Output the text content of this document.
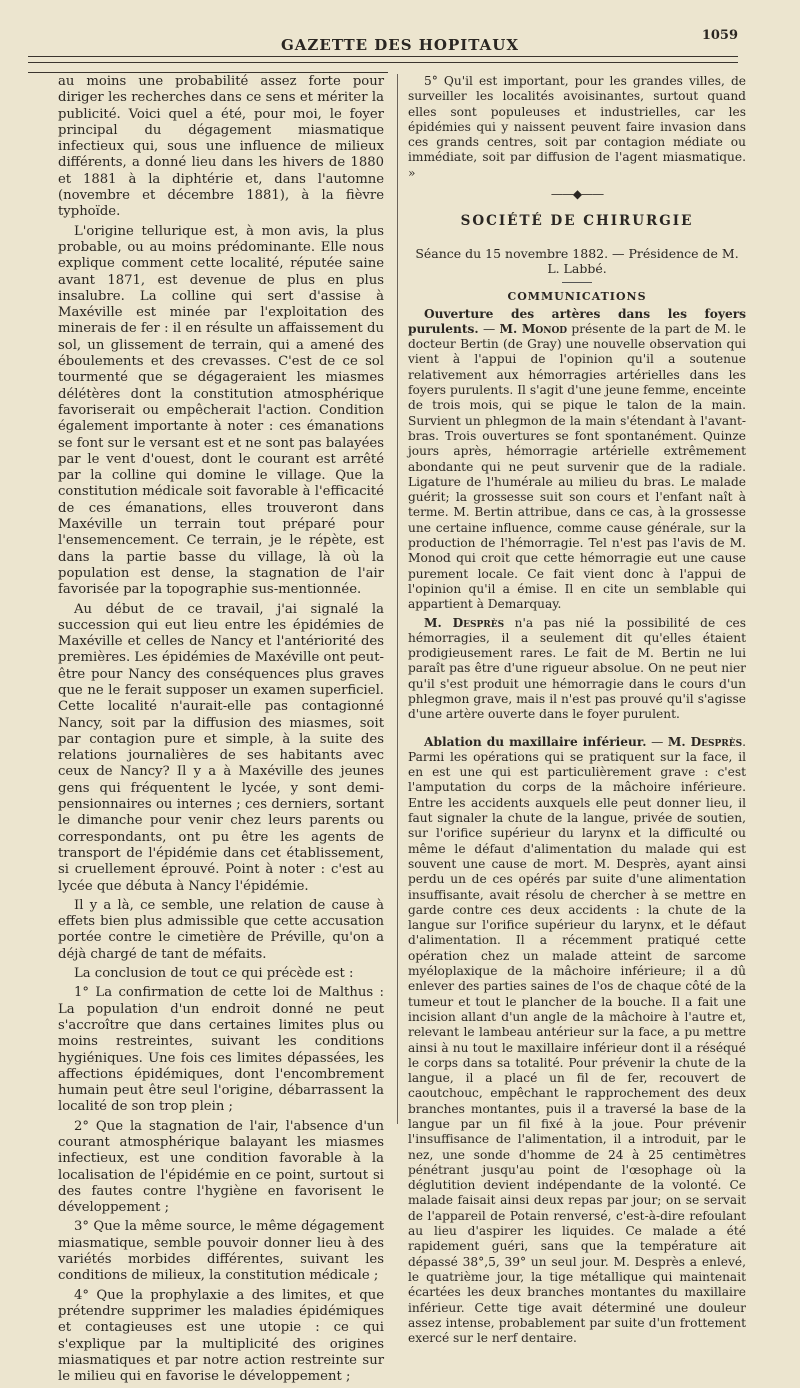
GAZETTE DES HOPITAUX
1059

au moins une probabilité assez forte pour diriger les recherches dans ce sens et mériter la publicité. Voici quel a été, pour moi, le foyer principal du dégagement miasmatique infectieux qui, sous une influence de milieux différents, a donné lieu dans les hivers de 1880 et 1881 à la diphtérie et, dans l'automne (novembre et décembre 1881), à la fièvre typhoïde.

L'origine tellurique est, à mon avis, la plus probable, ou au moins prédominante. Elle nous explique comment cette localité, réputée saine avant 1871, est devenue de plus en plus insalubre. La colline qui sert d'assise à Maxéville est minée par l'exploitation des minerais de fer : il en résulte un affaissement du sol, un glissement de terrain, qui a amené des éboulements et des crevasses. C'est de ce sol tourmenté que se dégageraient les miasmes délétères dont la constitution atmosphérique favoriserait ou empêcherait l'action. Condition également importante à noter : ces émanations se font sur le versant est et ne sont pas balayées par le vent d'ouest, dont le courant est arrêté par la colline qui domine le village. Que la constitution médicale soit favorable à l'efficacité de ces émanations, elles trouveront dans Maxéville un terrain tout préparé pour l'ensemencement. Ce terrain, je le répète, est dans la partie basse du village, là où la population est dense, la stagnation de l'air favorisée par la topographie sus-mentionnée.

Au début de ce travail, j'ai signalé la succession qui eut lieu entre les épidémies de Maxéville et celles de Nancy et l'antériorité des premières. Les épidémies de Maxéville ont peut-être pour Nancy des conséquences plus graves que ne le ferait supposer un examen superficiel. Cette localité n'aurait-elle pas contagionné Nancy, soit par la diffusion des miasmes, soit par contagion pure et simple, à la suite des relations journalières de ses habitants avec ceux de Nancy? Il y a à Maxéville des jeunes gens qui fréquentent le lycée, y sont demi-pensionnaires ou internes ; ces derniers, sortant le dimanche pour venir chez leurs parents ou correspondants, ont pu être les agents de transport de l'épidémie dans cet établissement, si cruellement éprouvé. Point à noter : c'est au lycée que débuta à Nancy l'épidémie.

Il y a là, ce semble, une relation de cause à effets bien plus admissible que cette accusation portée contre le cimetière de Préville, qu'on a déjà chargé de tant de méfaits.

La conclusion de tout ce qui précède est :

1° La confirmation de cette loi de Malthus : La population d'un endroit donné ne peut s'accroître que dans certaines limites plus ou moins restreintes, suivant les conditions hygiéniques. Une fois ces limites dépassées, les affections épidémiques, dont l'encombrement humain peut être seul l'origine, débarrassent la localité de son trop plein ;

2° Que la stagnation de l'air, l'absence d'un courant atmosphérique balayant les miasmes infectieux, est une condition favorable à la localisation de l'épidémie en ce point, surtout si des fautes contre l'hygiène en favorisent le développement ;

3° Que la même source, le même dégagement miasmatique, semble pouvoir donner lieu à des variétés morbides différentes, suivant les conditions de milieux, la constitution médicale ;

4° Que la prophylaxie a des limites, et que prétendre supprimer les maladies épidémiques et contagieuses est une utopie : ce qui s'explique par la multiplicité des origines miasmatiques et par notre action restreinte sur le milieu qui en favorise le développement ;

5° Qu'il est important, pour les grandes villes, de surveiller les localités avoisinantes, surtout quand elles sont populeuses et industrielles, car les épidémies qui y naissent peuvent faire invasion dans ces grands centres, soit par contagion médiate ou immédiate, soit par diffusion de l'agent miasmatique. »

——◆——
SOCIÉTÉ DE CHIRURGIE
Séance du 15 novembre 1882. — Présidence de M. L. Labbé.
COMMUNICATIONS

Ouverture des artères dans les foyers purulents. — M. Monod présente de la part de M. le docteur Bertin (de Gray) une nouvelle observation qui vient à l'appui de l'opinion qu'il a soutenue relativement aux hémorragies artérielles dans les foyers purulents. Il s'agit d'une jeune femme, enceinte de trois mois, qui se pique le talon de la main. Survient un phlegmon de la main s'étendant à l'avant-bras. Trois ouvertures se font spontanément. Quinze jours après, hémorragie artérielle extrêmement abondante qui ne peut survenir que de la radiale. Ligature de l'humérale au milieu du bras. Le malade guérit; la grossesse suit son cours et l'enfant naît à terme. M. Bertin attribue, dans ce cas, à la grossesse une certaine influence, comme cause générale, sur la production de l'hémorragie. Tel n'est pas l'avis de M. Monod qui croit que cette hémorragie eut une cause purement locale. Ce fait vient donc à l'appui de l'opinion qu'il a émise. Il en cite un semblable qui appartient à Demarquay.

M. Desprès n'a pas nié la possibilité de ces hémorragies, il a seulement dit qu'elles étaient prodigieusement rares. Le fait de M. Bertin ne lui paraît pas être d'une rigueur absolue. On ne peut nier qu'il s'est produit une hémorragie dans le cours d'un phlegmon grave, mais il n'est pas prouvé qu'il s'agisse d'une artère ouverte dans le foyer purulent.

Ablation du maxillaire inférieur. — M. Desprès. Parmi les opérations qui se pratiquent sur la face, il en est une qui est particulièrement grave : c'est l'amputation du corps de la mâchoire inférieure. Entre les accidents auxquels elle peut donner lieu, il faut signaler la chute de la langue, privée de soutien, sur l'orifice supérieur du larynx et la difficulté ou même le défaut d'alimentation du malade qui est souvent une cause de mort. M. Desprès, ayant ainsi perdu un de ces opérés par suite d'une alimentation insuffisante, avait résolu de chercher à se mettre en garde contre ces deux accidents : la chute de la langue sur l'orifice supérieur du larynx, et le défaut d'alimentation. Il a récemment pratiqué cette opération chez un malade atteint de sarcome myéloplaxique de la mâchoire inférieure; il a dû enlever des parties saines de l'os de chaque côté de la tumeur et tout le plancher de la bouche. Il a fait une incision allant d'un angle de la mâchoire à l'autre et, relevant le lambeau antérieur sur la face, a pu mettre ainsi à nu tout le maxillaire inférieur dont il a réséqué le corps dans sa totalité. Pour prévenir la chute de la langue, il a placé un fil de fer, recouvert de caoutchouc, empêchant le rapprochement des deux branches montantes, puis il a traversé la base de la langue par un fil fixé à la joue. Pour prévenir l'insuffisance de l'alimentation, il a introduit, par le nez, une sonde d'homme de 24 à 25 centimètres pénétrant jusqu'au point de l'œsophage où la déglutition devient indépendante de la volonté. Ce malade faisait ainsi deux repas par jour; on se servait de l'appareil de Potain renversé, c'est-à-dire refoulant au lieu d'aspirer les liquides. Ce malade a été rapidement guéri, sans que la température ait dépassé 38°,5, 39° un seul jour. M. Desprès a enlevé, le quatrième jour, la tige métallique qui maintenait écartées les deux branches montantes du maxillaire inférieur. Cette tige avait déterminé une douleur assez intense, probablement par suite d'un frottement exercé sur le nerf dentaire.
